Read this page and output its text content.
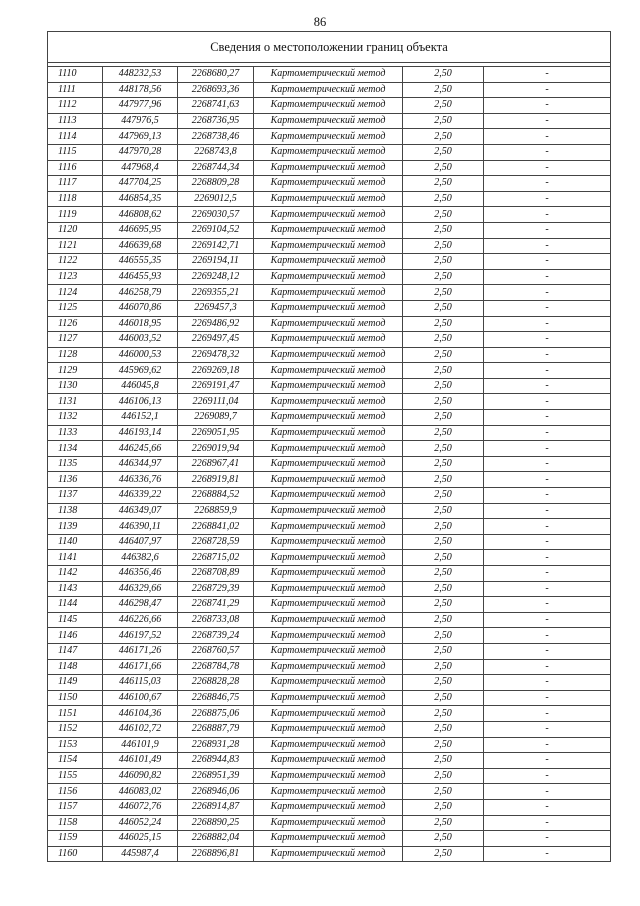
86
Сведения о местоположении границ объекта
1110	448232,53	2268680,27	Картометрический метод	2,50	-
1111	448178,56	2268693,36	Картометрический метод	2,50	-
1112	447977,96	2268741,63	Картометрический метод	2,50	-
1113	447976,5	2268736,95	Картометрический метод	2,50	-
1114	447969,13	2268738,46	Картометрический метод	2,50	-
1115	447970,28	2268743,8	Картометрический метод	2,50	-
1116	447968,4	2268744,34	Картометрический метод	2,50	-
1117	447704,25	2268809,28	Картометрический метод	2,50	-
1118	446854,35	2269012,5	Картометрический метод	2,50	-
1119	446808,62	2269030,57	Картометрический метод	2,50	-
1120	446695,95	2269104,52	Картометрический метод	2,50	-
1121	446639,68	2269142,71	Картометрический метод	2,50	-
1122	446555,35	2269194,11	Картометрический метод	2,50	-
1123	446455,93	2269248,12	Картометрический метод	2,50	-
1124	446258,79	2269355,21	Картометрический метод	2,50	-
1125	446070,86	2269457,3	Картометрический метод	2,50	-
1126	446018,95	2269486,92	Картометрический метод	2,50	-
1127	446003,52	2269497,45	Картометрический метод	2,50	-
1128	446000,53	2269478,32	Картометрический метод	2,50	-
1129	445969,62	2269269,18	Картометрический метод	2,50	-
1130	446045,8	2269191,47	Картометрический метод	2,50	-
1131	446106,13	2269111,04	Картометрический метод	2,50	-
1132	446152,1	2269089,7	Картометрический метод	2,50	-
1133	446193,14	2269051,95	Картометрический метод	2,50	-
1134	446245,66	2269019,94	Картометрический метод	2,50	-
1135	446344,97	2268967,41	Картометрический метод	2,50	-
1136	446336,76	2268919,81	Картометрический метод	2,50	-
1137	446339,22	2268884,52	Картометрический метод	2,50	-
1138	446349,07	2268859,9	Картометрический метод	2,50	-
1139	446390,11	2268841,02	Картометрический метод	2,50	-
1140	446407,97	2268728,59	Картометрический метод	2,50	-
1141	446382,6	2268715,02	Картометрический метод	2,50	-
1142	446356,46	2268708,89	Картометрический метод	2,50	-
1143	446329,66	2268729,39	Картометрический метод	2,50	-
1144	446298,47	2268741,29	Картометрический метод	2,50	-
1145	446226,66	2268733,08	Картометрический метод	2,50	-
1146	446197,52	2268739,24	Картометрический метод	2,50	-
1147	446171,26	2268760,57	Картометрический метод	2,50	-
1148	446171,66	2268784,78	Картометрический метод	2,50	-
1149	446115,03	2268828,28	Картометрический метод	2,50	-
1150	446100,67	2268846,75	Картометрический метод	2,50	-
1151	446104,36	2268875,06	Картометрический метод	2,50	-
1152	446102,72	2268887,79	Картометрический метод	2,50	-
1153	446101,9	2268931,28	Картометрический метод	2,50	-
1154	446101,49	2268944,83	Картометрический метод	2,50	-
1155	446090,82	2268951,39	Картометрический метод	2,50	-
1156	446083,02	2268946,06	Картометрический метод	2,50	-
1157	446072,76	2268914,87	Картометрический метод	2,50	-
1158	446052,24	2268890,25	Картометрический метод	2,50	-
1159	446025,15	2268882,04	Картометрический метод	2,50	-
1160	445987,4	2268896,81	Картометрический метод	2,50	-
